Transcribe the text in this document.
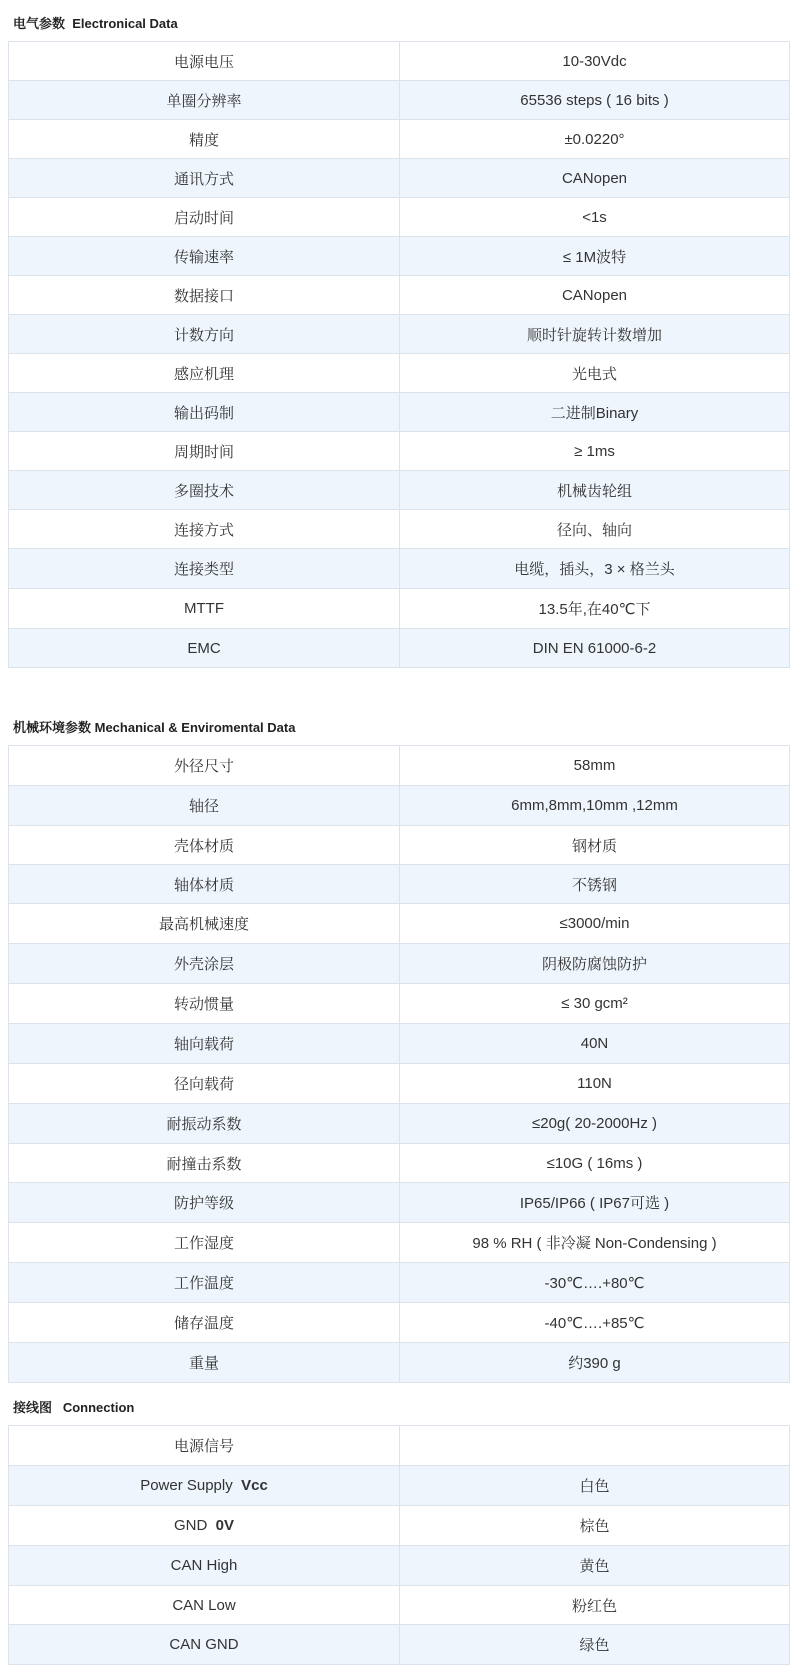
电气参数  Electronical Data
电源电压	10-30Vdc
单圈分辨率	65536 steps ( 16 bits )
精度	±0.0220°
通讯方式	CANopen
启动时间	<1s
传输速率	≤ 1M波特
数据接口	CANopen
计数方向	顺时针旋转计数增加
感应机理	光电式
输出码制	二进制Binary
周期时间	≥ 1ms
多圈技术	机械齿轮组
连接方式	径向、轴向
连接类型	电缆，插头，3 × 格兰头
MTTF	13.5年,在40℃下
EMC	DIN EN 61000-6-2
机械环境参数 Mechanical & Enviromental Data
外径尺寸	58mm
轴径	6mm,8mm,10mm ,12mm
壳体材质	钢材质
轴体材质	不锈钢
最高机械速度	≤3000/min
外壳涂层	阴极防腐蚀防护
转动惯量	≤ 30 gcm²
轴向载荷	40N
径向载荷	110N
耐振动系数	≤20g( 20-2000Hz )
耐撞击系数	≤10G ( 16ms )
防护等级	IP65/IP66 ( IP67可选 )
工作湿度	98 % RH ( 非冷凝 Non-Condensing )
工作温度	-30℃….+80℃
储存温度	-40℃….+85℃
重量	约390 g
接线图   Connection
电源信号	
Power Supply Vcc	白色
GND 0V	棕色
CAN High	黄色
CAN Low	粉红色
CAN GND	绿色
